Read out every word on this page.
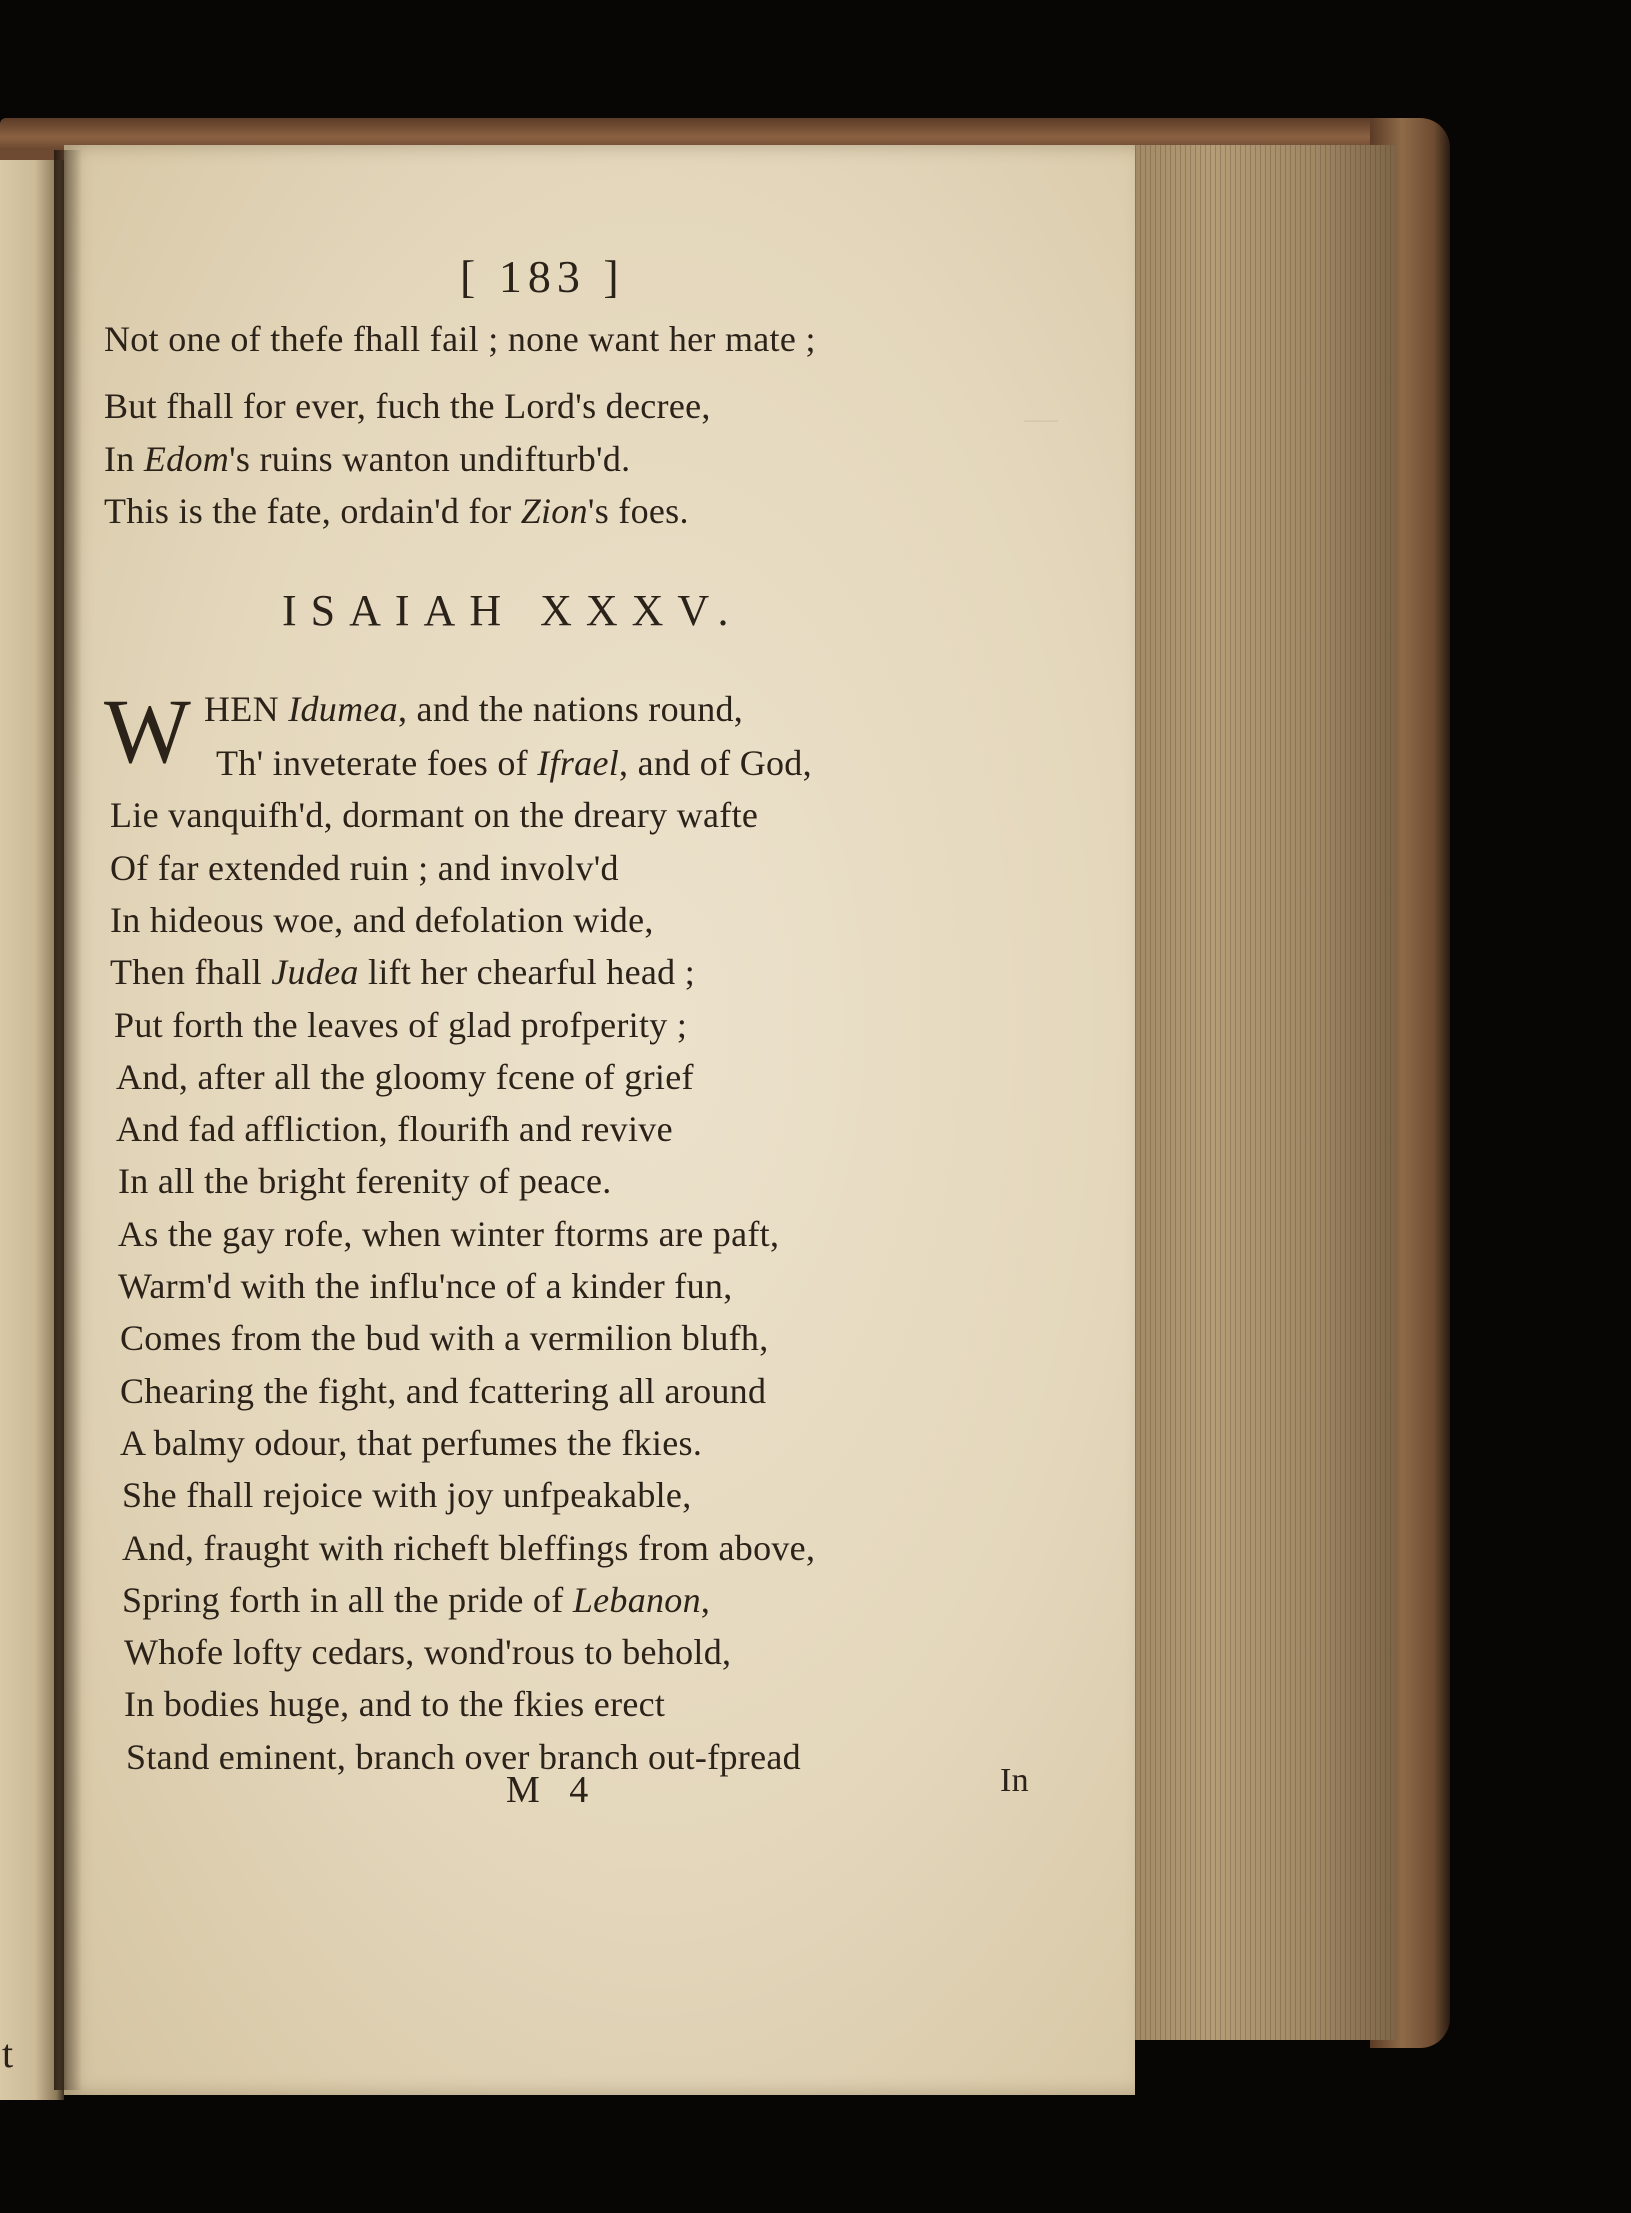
t
—
[ 183 ]
Not one of thefe fhall fail ; none want her mate ;
But fhall for ever, fuch the Lord's decree,
In Edom's ruins wanton undifturb'd.
This is the fate, ordain'd for Zion's foes.
ISAIAH XXXV.
W HEN Idumea, and the nations round,
Th' inveterate foes of Ifrael, and of God,
Lie vanquifh'd, dormant on the dreary wafte
Of far extended ruin ; and involv'd
In hideous woe, and defolation wide,
Then fhall Judea lift her chearful head ;
Put forth the leaves of glad profperity ;
And, after all the gloomy fcene of grief
And fad affliction, flourifh and revive
In all the bright ferenity of peace.
As the gay rofe, when winter ftorms are paft,
Warm'd with the influ'nce of a kinder fun,
Comes from the bud with a vermilion blufh,
Chearing the fight, and fcattering all around
A balmy odour, that perfumes the fkies.
She fhall rejoice with joy unfpeakable,
And, fraught with richeft bleffings from above,
Spring forth in all the pride of Lebanon,
Whofe lofty cedars, wond'rous to behold,
In bodies huge, and to the fkies erect
Stand eminent, branch over branch out-fpread
M 4	In
